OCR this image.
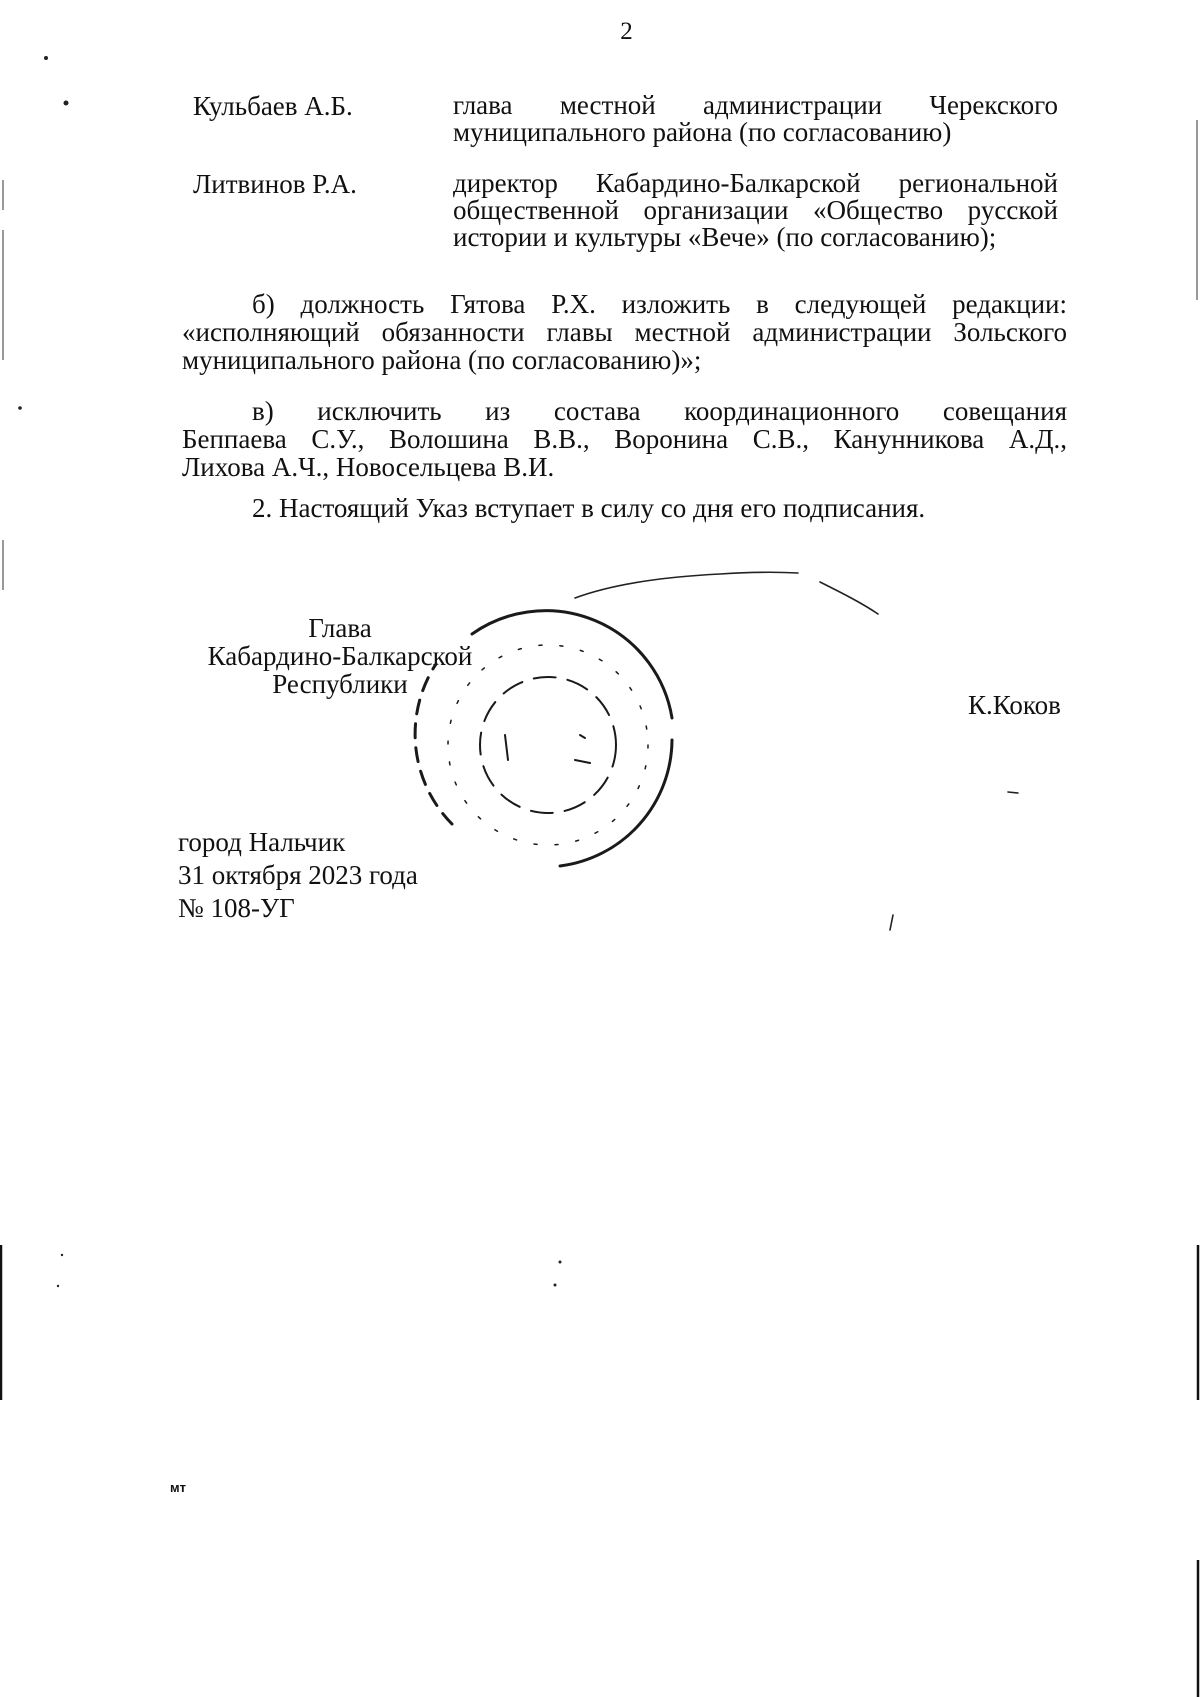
2
Кульбаев А.Б.	глава местной администрации Черекского
муниципального района (по согласованию)
Литвинов Р.А.	директор Кабардино-Балкарской региональной
общественной организации «Общество русской
истории и культуры «Вече» (по согласованию);
б) должность Гятова Р.Х. изложить в следующей редакции:
«исполняющий обязанности главы местной администрации Зольского
муниципального района (по согласованию)»;
в) исключить из состава координационного совещания
Беппаева С.У., Волошина В.В., Воронина С.В., Канунникова А.Д.,
Лихова А.Ч., Новосельцева В.И.
2. Настоящий Указ вступает в силу со дня его подписания.
Глава
Кабардино-Балкарской
Республики
К.Коков
город Нальчик
31 октября 2023 года
№ 108-УГ
мт
